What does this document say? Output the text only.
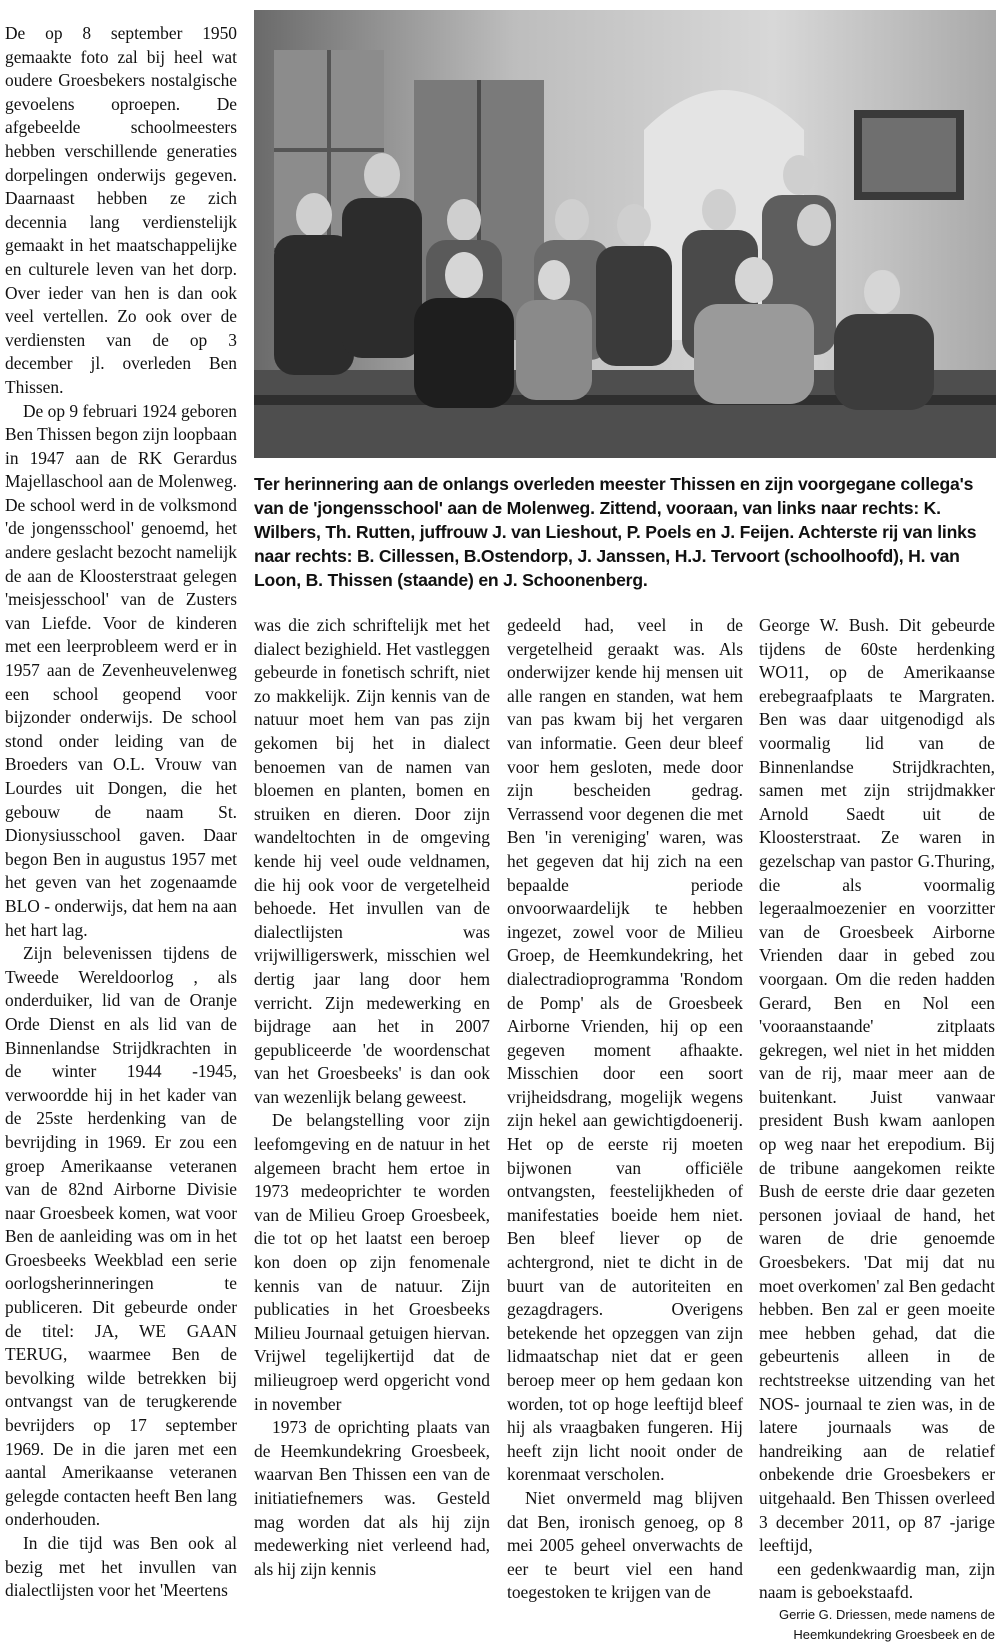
De op 8 september 1950 gemaakte foto zal bij heel wat oudere Groesbekers nostalgische gevoelens oproepen. De afgebeelde schoolmeesters hebben verschillende generaties dorpelingen onderwijs gegeven. Daarnaast hebben ze zich decennia lang verdienstelijk gemaakt in het maatschappelijke en culturele leven van het dorp. Over ieder van hen is dan ook veel vertellen. Zo ook over de verdiensten van de op 3 december jl. overleden Ben Thissen.

De op 9 februari 1924 geboren Ben Thissen begon zijn loopbaan in 1947 aan de RK Gerardus Majellaschool aan de Molenweg. De school werd in de volksmond 'de jongensschool' genoemd, het andere geslacht bezocht namelijk de aan de Kloosterstraat gelegen 'meisjesschool' van de Zusters van Liefde. Voor de kinderen met een leerprobleem werd er in 1957 aan de Zevenheuvelenweg een school geopend voor bijzonder onderwijs. De school stond onder leiding van de Broeders van O.L. Vrouw van Lourdes uit Dongen, die het gebouw de naam St. Dionysiusschool gaven. Daar begon Ben in augustus 1957 met het geven van het zogenaamde BLO - onderwijs, dat hem na aan het hart lag.

Zijn belevenissen tijdens de Tweede Wereldoorlog , als onderduiker, lid van de Oranje Orde Dienst en als lid van de Binnenlandse Strijdkrachten in de winter 1944 -1945, verwoordde hij in het kader van de 25ste herdenking van de bevrijding in 1969. Er zou een groep Amerikaanse veteranen van de 82nd Airborne Divisie naar Groesbeek komen, wat voor Ben de aanleiding was om in het Groesbeeks Weekblad een serie oorlogsherinneringen te publiceren. Dit gebeurde onder de titel: JA, WE GAAN TERUG, waarmee Ben de bevolking wilde betrekken bij ontvangst van de terugkerende bevrijders op 17 september 1969. De in die jaren met een aantal Amerikaanse veteranen gelegde contacten heeft Ben lang onderhouden.

In die tijd was Ben ook al bezig met het invullen van dialectlijsten voor het 'Meertens

Ter herinnering aan de onlangs overleden meester Thissen en zijn voorgegane collega's van de 'jongensschool' aan de Molenweg. Zittend, vooraan, van links naar rechts: K. Wilbers, Th. Rutten, juffrouw J. van Lieshout, P. Poels en J. Feijen. Achterste rij van links naar rechts: B. Cillessen, B.Ostendorp, J. Janssen, H.J. Tervoort (schoolhoofd), H. van Loon, B. Thissen (staande) en J. Schoonenberg.

was die zich schriftelijk met het dialect bezighield. Het vastleggen gebeurde in fonetisch schrift, niet zo makkelijk. Zijn kennis van de natuur moet hem van pas zijn gekomen bij het in dialect benoemen van de namen van bloemen en planten, bomen en struiken en dieren. Door zijn wandeltochten in de omgeving kende hij veel oude veldnamen, die hij ook voor de vergetelheid behoede. Het invullen van de dialectlijsten was vrijwilligerswerk, misschien wel dertig jaar lang door hem verricht. Zijn medewerking en bijdrage aan het in 2007 gepubliceerde 'de woordenschat van het Groesbeeks' is dan ook van wezenlijk belang geweest.

De belangstelling voor zijn leefomgeving en de natuur in het algemeen bracht hem ertoe in 1973 medeoprichter te worden van de Milieu Groep Groesbeek, die tot op het laatst een beroep kon doen op zijn fenomenale kennis van de natuur. Zijn publicaties in het Groesbeeks Milieu Journaal getuigen hiervan. Vrijwel tegelijkertijd dat de milieugroep werd opgericht vond in november

1973 de oprichting plaats van de Heemkundekring Groesbeek, waarvan Ben Thissen een van de initiatiefnemers was. Gesteld mag worden dat als hij zijn medewerking niet verleend had, als hij zijn kennis

gedeeld had, veel in de vergetelheid geraakt was. Als onderwijzer kende hij mensen uit alle rangen en standen, wat hem van pas kwam bij het vergaren van informatie. Geen deur bleef voor hem gesloten, mede door zijn bescheiden gedrag. Verrassend voor degenen die met Ben 'in vereniging' waren, was het gegeven dat hij zich na een bepaalde periode onvoorwaardelijk te hebben ingezet, zowel voor de Milieu Groep, de Heemkundekring, het dialectradioprogramma 'Rondom de Pomp' als de Groesbeek Airborne Vrienden, hij op een gegeven moment afhaakte. Misschien door een soort vrijheidsdrang, mogelijk wegens zijn hekel aan gewichtigdoenerij. Het op de eerste rij moeten bijwonen van officiële ontvangsten, feestelijkheden of manifestaties boeide hem niet. Ben bleef liever op de achtergrond, niet te dicht in de buurt van de autoriteiten en gezagdragers. Overigens betekende het opzeggen van zijn lidmaatschap niet dat er geen beroep meer op hem gedaan kon worden, tot op hoge leeftijd bleef hij als vraagbaken fungeren. Hij heeft zijn licht nooit onder de korenmaat verscholen.

Niet onvermeld mag blijven dat Ben, ironisch genoeg, op 8 mei 2005 geheel onverwachts de eer te beurt viel een hand toegestoken te krijgen van de

George W. Bush. Dit gebeurde tijdens de 60ste herdenking WO11, op de Amerikaanse erebegraafplaats te Margraten. Ben was daar uitgenodigd als voormalig lid van de Binnenlandse Strijdkrachten, samen met zijn strijdmakker Arnold Saedt uit de Kloosterstraat. Ze waren in gezelschap van pastor G.Thuring, die als voormalig legeraalmoezenier en voorzitter van de Groesbeek Airborne Vrienden daar in gebed zou voorgaan. Om die reden hadden Gerard, Ben en Nol een 'vooraanstaande' zitplaats gekregen, wel niet in het midden van de rij, maar meer aan de buitenkant. Juist vanwaar president Bush kwam aanlopen op weg naar het erepodium. Bij de tribune aangekomen reikte Bush de eerste drie daar gezeten personen joviaal de hand, het waren de drie genoemde Groesbekers. 'Dat mij dat nu moet overkomen' zal Ben gedacht hebben. Ben zal er geen moeite mee hebben gehad, dat die gebeurtenis alleen in de rechtstreekse uitzending van het NOS- journaal te zien was, in de latere journaals was de handreiking aan de relatief onbekende drie Groesbekers er uitgehaald. Ben Thissen overleed 3 december 2011, op 87 -jarige leeftijd,

een gedenkwaardig man, zijn naam is geboekstaafd.

Gerrie G. Driessen, mede namens de
Heemkundekring Groesbeek en de
